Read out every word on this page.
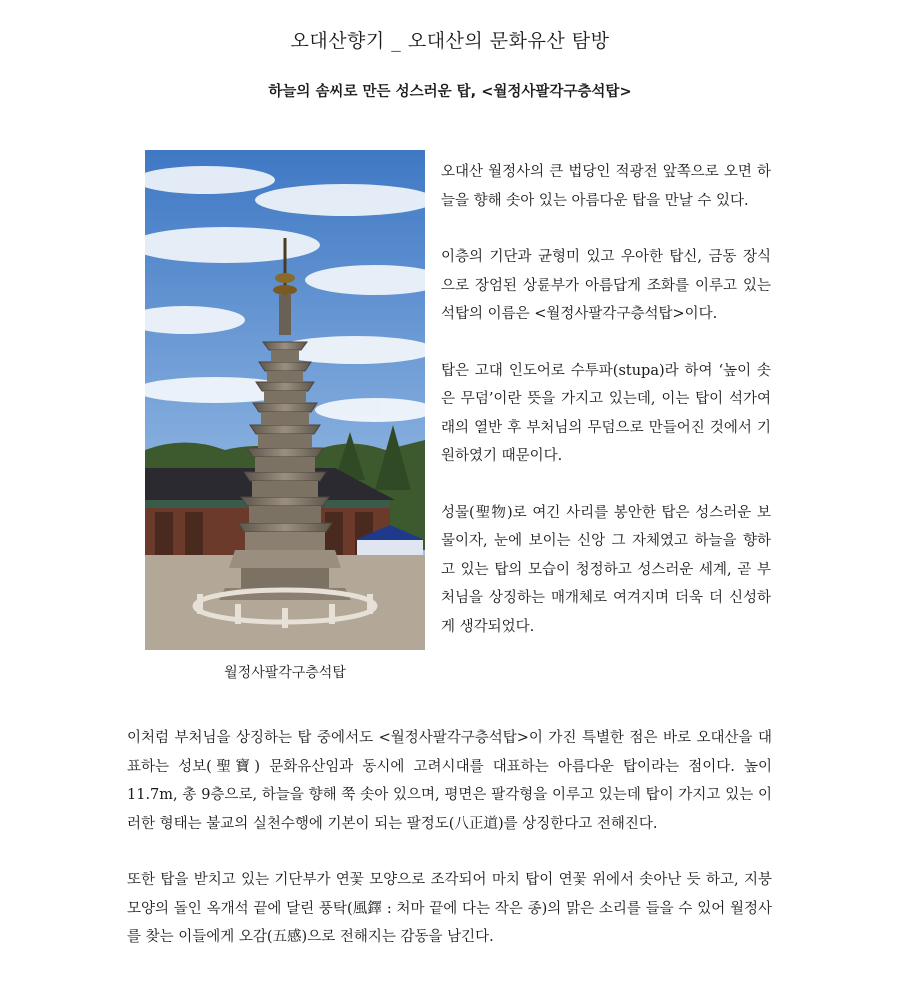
오대산향기 _ 오대산의 문화유산 탐방
하늘의 솜씨로 만든 성스러운 탑, <월정사팔각구층석탑>
월정사팔각구층석탑

오대산 월정사의 큰 법당인 적광전 앞쪽으로 오면 하늘을 향해 솟아 있는 아름다운 탑을 만날 수 있다.

이층의 기단과 균형미 있고 우아한 탑신, 금동 장식으로 장엄된 상륜부가 아름답게 조화를 이루고 있는 석탑의 이름은 <월정사팔각구층석탑>이다.

탑은 고대 인도어로 수투파(stupa)라 하여 ‘높이 솟은 무덤’이란 뜻을 가지고 있는데, 이는 탑이 석가여래의 열반 후 부처님의 무덤으로 만들어진 것에서 기원하였기 때문이다.

성물(聖物)로 여긴 사리를 봉안한 탑은 성스러운 보물이자, 눈에 보이는 신앙 그 자체였고 하늘을 향하고 있는 탑의 모습이 청정하고 성스러운 세계, 곧 부처님을 상징하는 매개체로 여겨지며 더욱 더 신성하게 생각되었다.

이처럼 부처님을 상징하는 탑 중에서도 <월정사팔각구층석탑>이 가진 특별한 점은 바로 오대산을 대표하는 성보(聖寶) 문화유산임과 동시에 고려시대를 대표하는 아름다운 탑이라는 점이다. 높이 11.7m, 총 9층으로, 하늘을 향해 쭉 솟아 있으며, 평면은 팔각형을 이루고 있는데 탑이 가지고 있는 이러한 형태는 불교의 실천수행에 기본이 되는 팔정도(八正道)를 상징한다고 전해진다.

또한 탑을 받치고 있는 기단부가 연꽃 모양으로 조각되어 마치 탑이 연꽃 위에서 솟아난 듯 하고, 지붕모양의 돌인 옥개석 끝에 달린 풍탁(風鐸 : 처마 끝에 다는 작은 종)의 맑은 소리를 들을 수 있어 월정사를 찾는 이들에게 오감(五感)으로 전해지는 감동을 남긴다.
